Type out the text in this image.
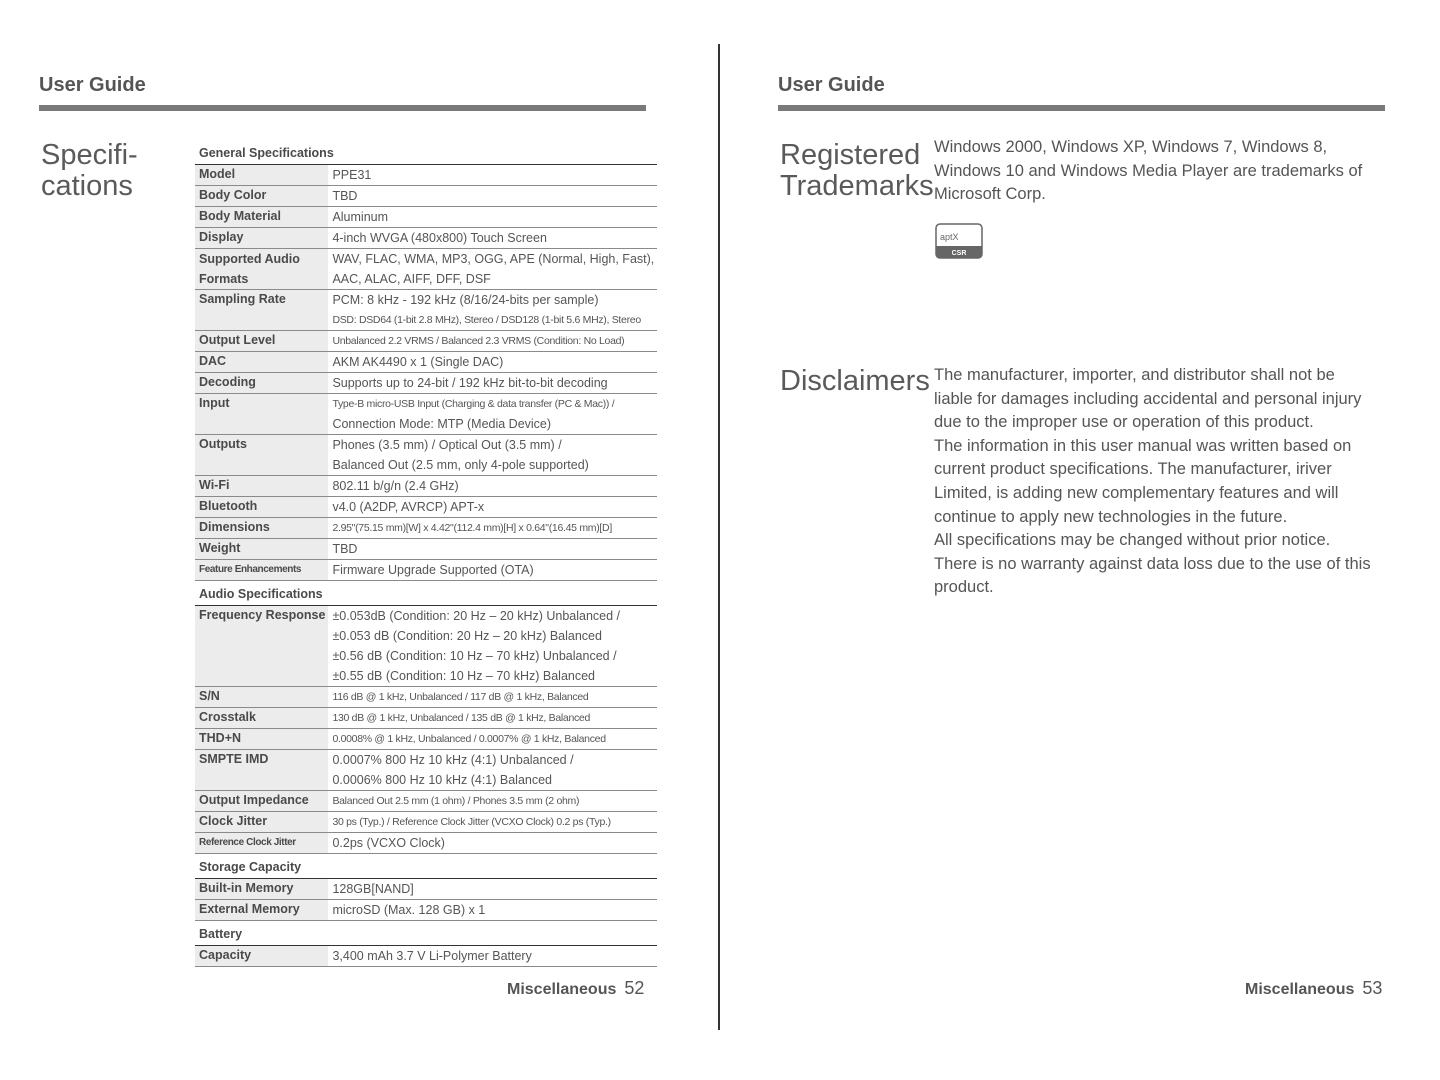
User Guide
Specifi-
cations
General Specifications	
Model	PPE31

Body Color	TBD

Body Material	Aluminum

Display	4-inch WVGA (480x800) Touch Screen

Supported Audio Formats	WAV, FLAC, WMA, MP3, OGG, APE (Normal, High, Fast),
AAC, ALAC, AIFF, DFF, DSF

Sampling Rate	PCM: 8 kHz - 192 kHz (8/16/24-bits per sample)
DSD: DSD64 (1-bit 2.8 MHz), Stereo / DSD128 (1-bit 5.6 MHz), Stereo

Output Level	Unbalanced 2.2 VRMS / Balanced 2.3 VRMS (Condition: No Load)

DAC	AKM AK4490 x 1 (Single DAC)

Decoding	Supports up to 24-bit / 192 kHz bit-to-bit decoding

Input	Type-B micro-USB Input (Charging & data transfer (PC & Mac)) /
Connection Mode: MTP (Media Device)

Outputs	Phones (3.5 mm) / Optical Out (3.5 mm) /
Balanced Out (2.5 mm, only 4-pole supported)

Wi-Fi	802.11 b/g/n (2.4 GHz)

Bluetooth	v4.0 (A2DP, AVRCP) APT-x

Dimensions	2.95"(75.15 mm)[W] x 4.42"(112.4 mm)[H] x 0.64"(16.45 mm)[D]

Weight	TBD

Feature Enhancements	Firmware Upgrade Supported (OTA)

Audio Specifications	
Frequency Response	±0.053dB (Condition: 20 Hz – 20 kHz) Unbalanced /
±0.053 dB (Condition: 20 Hz – 20 kHz) Balanced
±0.56 dB (Condition: 10 Hz – 70 kHz) Unbalanced /
±0.55 dB (Condition: 10 Hz – 70 kHz) Balanced

S/N	116 dB @ 1 kHz, Unbalanced / 117 dB @ 1 kHz, Balanced

Crosstalk	130 dB @ 1 kHz, Unbalanced / 135 dB @ 1 kHz, Balanced

THD+N	0.0008% @ 1 kHz, Unbalanced / 0.0007% @ 1 kHz, Balanced

SMPTE IMD	0.0007% 800 Hz 10 kHz (4:1) Unbalanced /
0.0006% 800 Hz 10 kHz (4:1) Balanced

Output Impedance	Balanced Out 2.5 mm (1 ohm) / Phones 3.5 mm (2 ohm)

Clock Jitter	30 ps (Typ.) / Reference Clock Jitter (VCXO Clock) 0.2 ps (Typ.)

Reference Clock Jitter	0.2ps (VCXO Clock)

Storage Capacity	
Built-in Memory	128GB[NAND]

External Memory	microSD (Max. 128 GB) x 1

Battery	
Capacity	3,400 mAh 3.7 V Li-Polymer Battery
Miscellaneous 52
User Guide
Registered
Trademarks
Windows 2000, Windows XP, Windows 7, Windows 8,
Windows 10 and Windows Media Player are trademarks of
Microsoft Corp.
Disclaimers The manufacturer, importer, and distributor shall not be
liable for damages including accidental and personal injury
due to the improper use or operation of this product.
The information in this user manual was written based on
current product specifications. The manufacturer, iriver
Limited, is adding new complementary features and will
continue to apply new technologies in the future.
All specifications may be changed without prior notice.
There is no warranty against data loss due to the use of this
product.
Miscellaneous 53
aptX
CSR
